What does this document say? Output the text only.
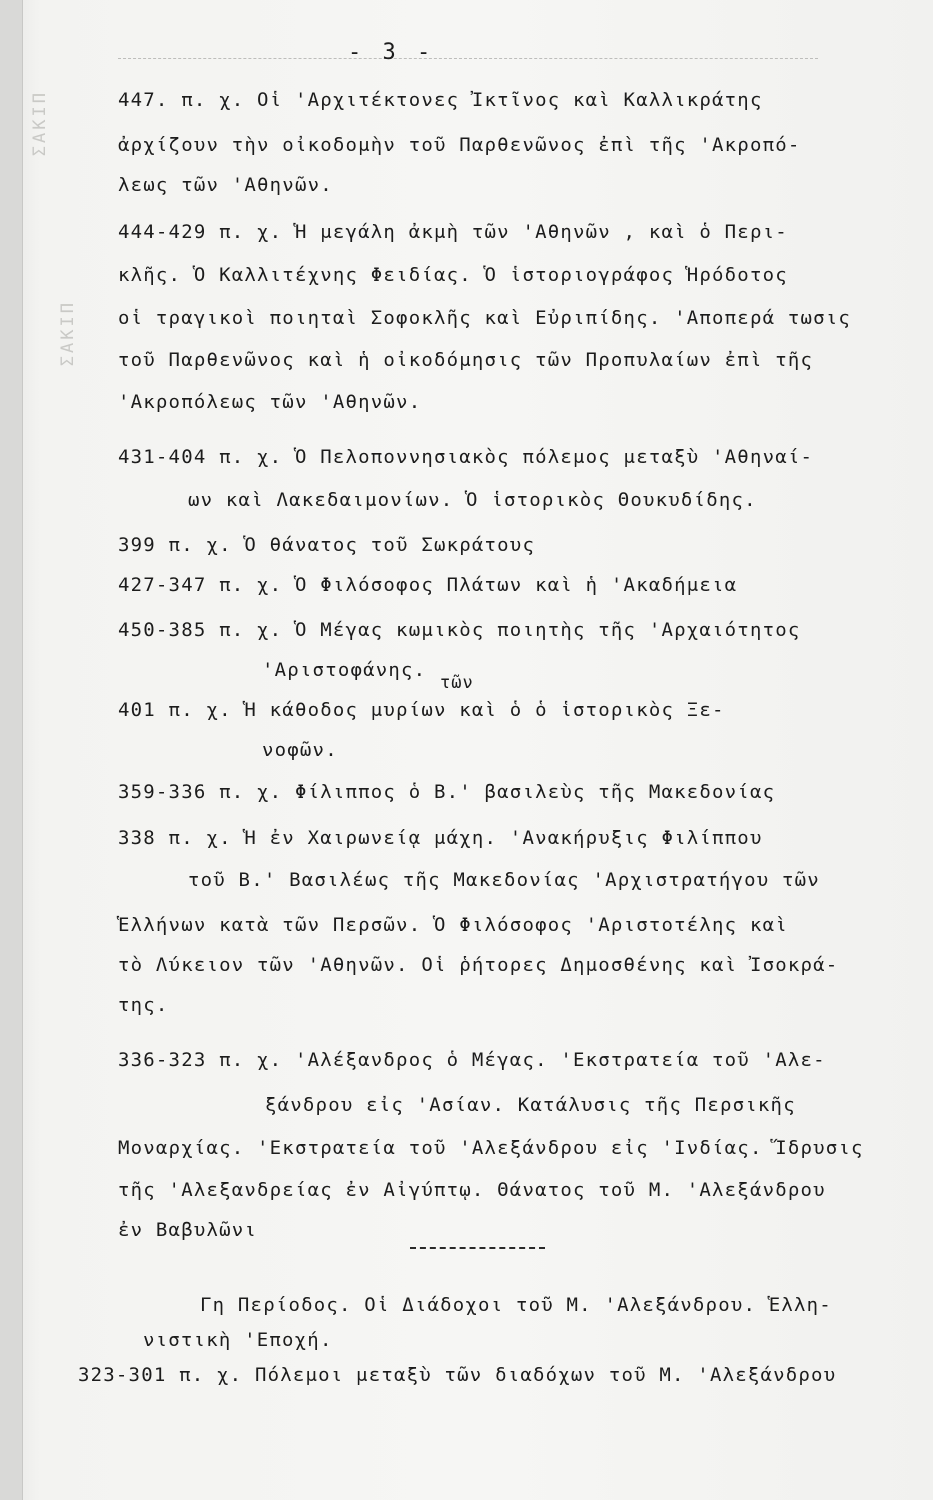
ΣΑΚΙΠ
ΣΑΚΙΠ
- 3 -
447. π. χ. Οἱ 'Αρχιτέκτονες Ἰκτῖνος καὶ Καλλικράτης
ἀρχίζουν τὴν οἰκοδομὴν τοῦ Παρθενῶνος ἐπὶ τῆς 'Ακροπό-
λεως τῶν 'Αθηνῶν.
444-429 π. χ. Ἡ μεγάλη ἀκμὴ τῶν 'Αθηνῶν , καὶ ὁ Περι-
κλῆς. Ὁ Καλλιτέχνης Φειδίας. Ὁ ἱστοριογράφος Ἡρόδοτος
οἱ τραγικοὶ ποιηταὶ Σοφοκλῆς καὶ Εὐριπίδης. 'Αποπερά τωσις
τοῦ Παρθενῶνος καὶ ἡ οἰκοδόμησις τῶν Προπυλαίων ἐπὶ τῆς
'Ακροπόλεως τῶν 'Αθηνῶν.
431-404 π. χ. Ὁ Πελοποννησιακὸς πόλεμος μεταξὺ 'Αθηναί-
ων καὶ Λακεδαιμονίων. Ὁ ἱστορικὸς Θουκυδίδης.
399 π. χ. Ὁ θάνατος τοῦ Σωκράτους
427-347 π. χ. Ὁ Φιλόσοφος Πλάτων καὶ ἡ 'Ακαδήμεια
450-385 π. χ. Ὁ Μέγας κωμικὸς ποιητὴς τῆς 'Αρχαιότητος
'Αριστοφάνης.
401 π. χ. Ἡ κάθοδος μυρίων καὶ ὁ ὁ ἱστορικὸς Ξε-
νοφῶν.
359-336 π. χ. Φίλιππος ὁ Β.' βασιλεὺς τῆς Μακεδονίας
338 π. χ. Ἡ ἐν Χαιρωνείᾳ μάχη. 'Ανακήρυξις Φιλίππου
τοῦ Β.' Βασιλέως τῆς Μακεδονίας 'Αρχιστρατήγου τῶν
Ἑλλήνων κατὰ τῶν Περσῶν. Ὁ Φιλόσοφος 'Αριστοτέλης καὶ
τὸ Λύκειον τῶν 'Αθηνῶν. Οἱ ῥήτορες Δημοσθένης καὶ Ἰσοκρά-
της.
336-323 π. χ. 'Αλέξανδρος ὁ Μέγας. 'Εκστρατεία τοῦ 'Αλε-
ξάνδρου εἰς 'Ασίαν. Κατάλυσις τῆς Περσικῆς
Μοναρχίας. 'Εκστρατεία τοῦ 'Αλεξάνδρου εἰς 'Ινδίας. Ἵδρυσις
τῆς 'Αλεξανδρείας ἐν Αἰγύπτῳ. Θάνατος τοῦ Μ. 'Αλεξάνδρου
ἐν Βαβυλῶνι
Γη Περίοδος. Οἱ Διάδοχοι τοῦ Μ. 'Αλεξάνδρου. Ἑλλη-
νιστικὴ 'Εποχή.
323-301 π. χ. Πόλεμοι μεταξὺ τῶν διαδόχων τοῦ Μ. 'Αλεξάνδρου
τῶν
